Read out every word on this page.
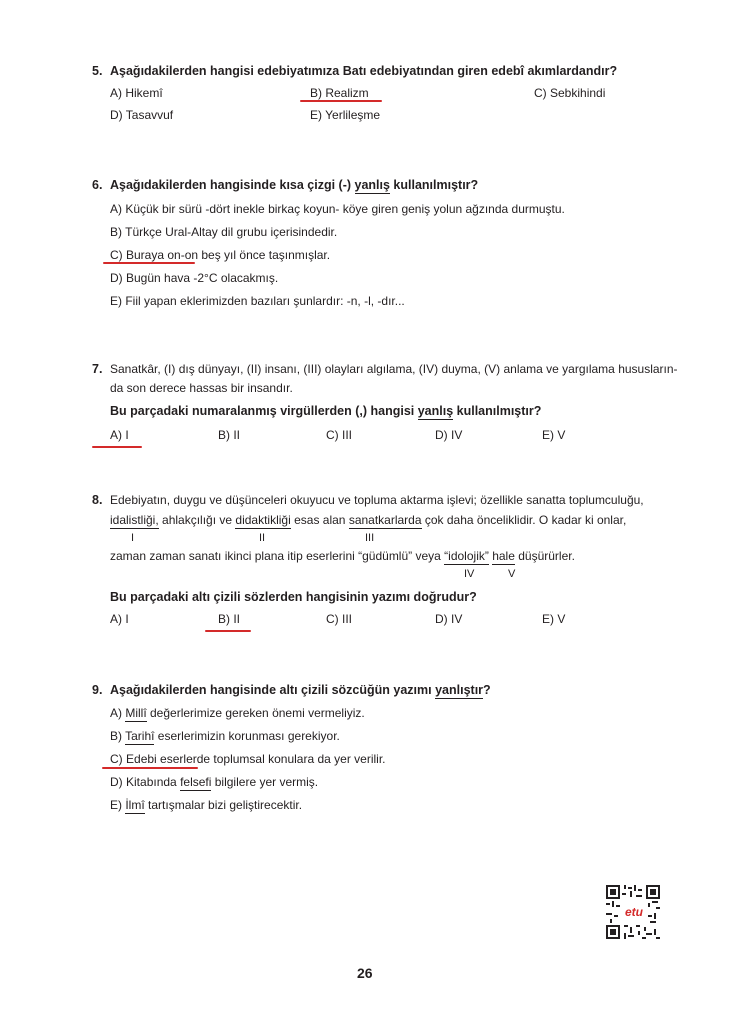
5. Aşağıdakilerden hangisi edebiyatımıza Batı edebiyatından giren edebî akımlardandır?
A) Hikemî	B) Realizm	C) Sebkihindi
D) Tasavvuf	E) Yerlileşme
6. Aşağıdakilerden hangisinde kısa çizgi (-) yanlış kullanılmıştır?
A) Küçük bir sürü -dört inekle birkaç koyun- köye giren geniş yolun ağzında durmuştu.
B) Türkçe Ural-Altay dil grubu içerisindedir.
C) Buraya on-on beş yıl önce taşınmışlar.
D) Bugün hava -2°C olacakmış.
E) Fiil yapan eklerimizden bazıları şunlardır: -n, -l, -dır...
7. Sanatkâr, (I) dış dünyayı, (II) insanı, (III) olayları algılama, (IV) duyma, (V) anlama ve yargılama hususların-
da son derece hassas bir insandır.
Bu parçadaki numaralanmış virgüllerden (,) hangisi yanlış kullanılmıştır?
A) I	B) II	C) III	D) IV	E) V
8. Edebiyatın, duygu ve düşünceleri okuyucu ve topluma aktarma işlevi; özellikle sanatta toplumculuğu,
idalistliği, ahlakçılığı ve didaktikliği esas alan sanatkarlarda çok daha önceliklidir. O kadar ki onlar,
I	II	III
zaman zaman sanatı ikinci plana itip eserlerini “güdümlü” veya “idolojik” hale düşürürler.
IV	V
Bu parçadaki altı çizili sözlerden hangisinin yazımı doğrudur?
A) I	B) II	C) III	D) IV	E) V
9. Aşağıdakilerden hangisinde altı çizili sözcüğün yazımı yanlıştır?
A) Millî değerlerimize gereken önemi vermeliyiz.
B) Tarihî eserlerimizin korunması gerekiyor.
C) Edebi eserlerde toplumsal konulara da yer verilir.
D) Kitabında felsefi bilgilere yer vermiş.
E) İlmî tartışmalar bizi geliştirecektir.
etu
26
